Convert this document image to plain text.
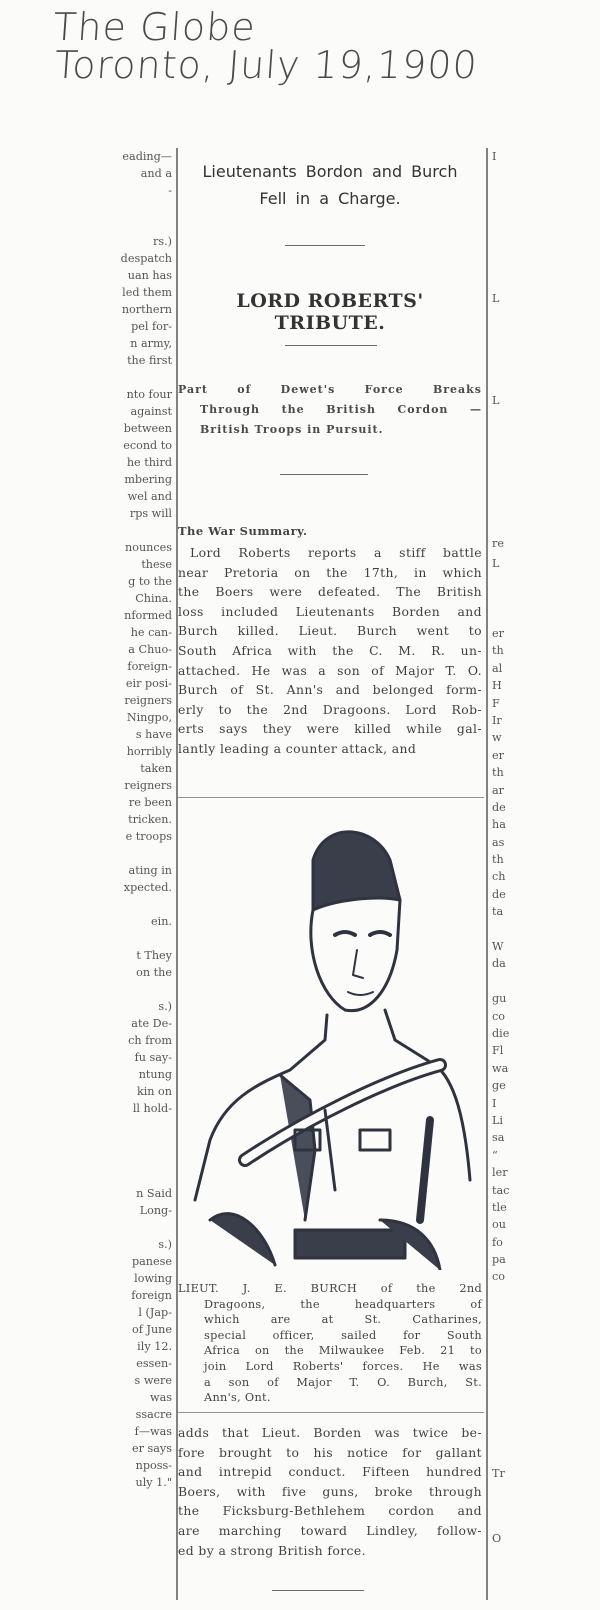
The Globe
Toronto, July 19,1900
eading—
and a
-
rs.)
despatch
uan has
led them
northern
pel for-
n army,
the first
nto four
against
between
econd to
he third
mbering
wel and
rps will
nounces
these
g to the
China.
nformed
he can-
a Chuo-
foreign-
eir posi-
reigners
Ningpo,
s have
horribly
taken
reigners
re been
tricken.
e troops
ating in
xpected.
ein.
t They
on the
s.)
ate De-
ch from
fu say-
ntung
kin on
ll hold-
n Said
Long-
s.)
panese
lowing
foreign
l (Jap-
of June
ily 12.
essen-
s were
was
ssacre
f—was
er says
nposs-
uly 1."
I
L
L
re
L
er
th
al
H
F
Ir
w
er
th
ar
de
ha
as
th
ch
de
ta
W
da
gu
co
die
Fl
wa
ge
I
Li
sa
“
ler
tac
tle
ou
fo
pa
co
Tr
O
Lieutenants Bordon and Burch
Fell in a Charge.
LORD ROBERTS' TRIBUTE.
Part of Dewet's Force Breaks
Through the British Cordon —
British Troops in Pursuit.
The War Summary.
Lord Roberts reports a stiff battle
near Pretoria on the 17th, in which
the Boers were defeated. The British
loss included Lieutenants Borden and
Burch killed. Lieut. Burch went to
South Africa with the C. M. R. un-
attached. He was a son of Major T. O.
Burch of St. Ann's and belonged form-
erly to the 2nd Dragoons. Lord Rob-
erts says they were killed while gal-
lantly leading a counter attack, and
LIEUT. J. E. BURCH of the 2nd
Dragoons, the headquarters of
which are at St. Catharines,
special officer, sailed for South
Africa on the Milwaukee Feb. 21 to
join Lord Roberts' forces. He was
a son of Major T. O. Burch, St.
Ann's, Ont.
adds that Lieut. Borden was twice be-
fore brought to his notice for gallant
and intrepid conduct. Fifteen hundred
Boers, with five guns, broke through
the Ficksburg-Bethlehem cordon and
are marching toward Lindley, follow-
ed by a strong British force.
